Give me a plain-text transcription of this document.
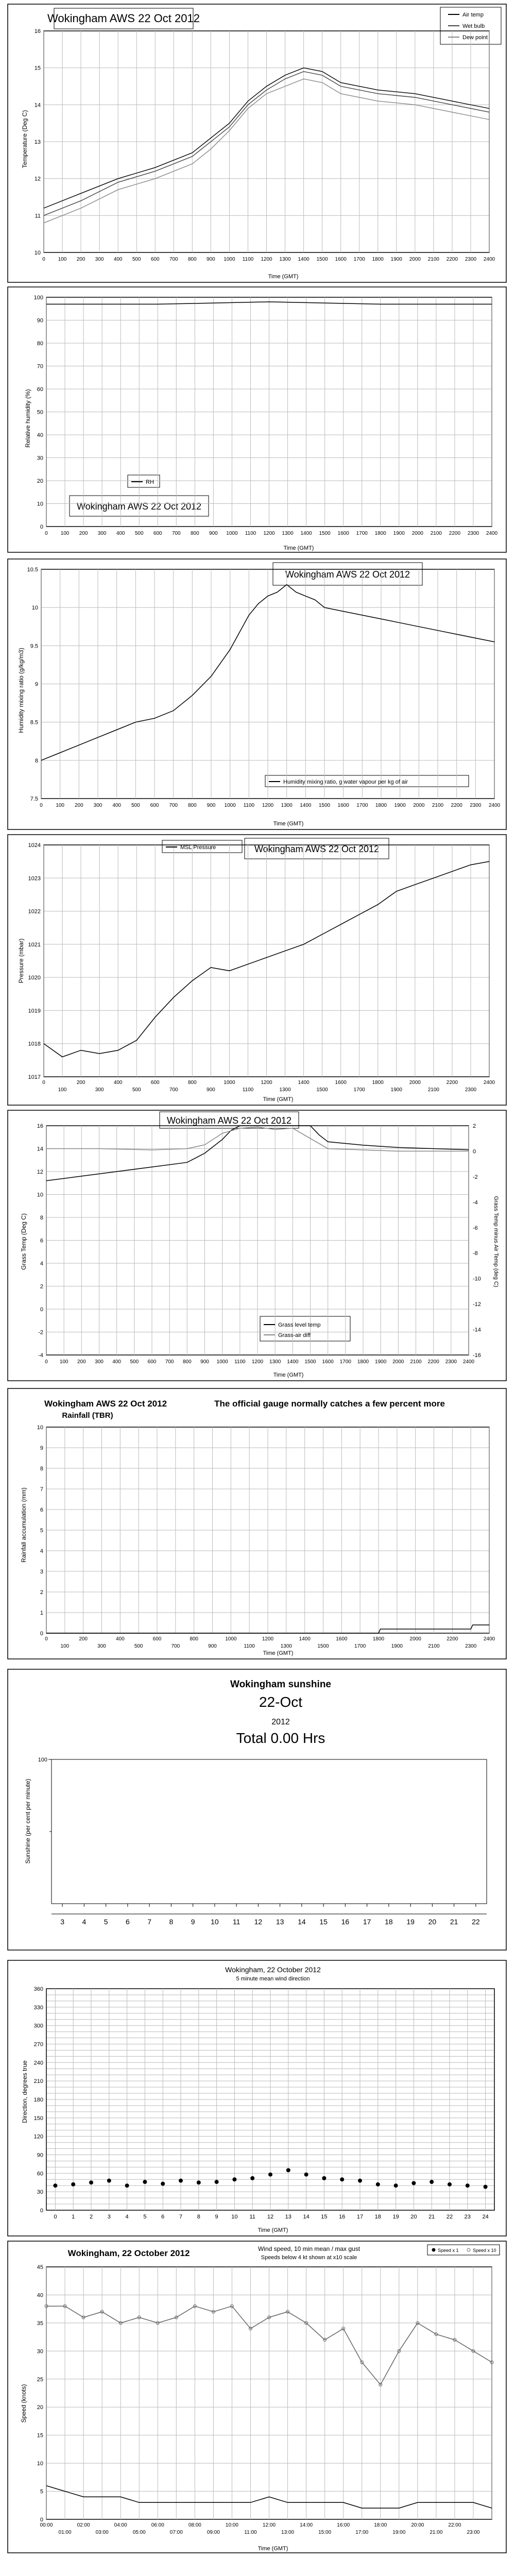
Wokingham AWS 22 Oct 2012
10
11
12
13
14
15
16
0 100 200 300 400 500 600 700 800 900 1000 1100 1200 1300 1400 1500 1600 1700 1800 1900 2000 2100 2200 2300 2400
Time (GMT)
Temperature (Deg C)
Air temp
Wet bulb
Dew point
Wokingham AWS 22 Oct 2012
0
10
20
30
40
50
60
70
80
90
100
0 100 200 300 400 500 600 700 800 900 1000 1100 1200 1300 1400 1500 1600 1700 1800 1900 2000 2100 2200 2300 2400
Time (GMT)
Relative humidity (%)
RH
Wokingham AWS 22 Oct 2012
7.5
8
8.5
9
9.5
10
10.5
0	100 200 300 400 500 600 700 800 900 1000 1100 1200 1300 1400 1500 1600 1700 1800 1900 2000 2100 2200 2300 2400
Time (GMT)
Humidity mixing ratio (g/kg/m3)
Humidity mixing ratio, g water vapour per kg of air
Wokingham AWS 22 Oct 2012
1017
1018
1019
1020
1021
1022
1023
1024
0	200	400	600	800	1000	1200	1400	1600	1800	2000	2200	2400
100	300	500	700	900	1100	1300	1500	1700	1900	2100	2300
Time (GMT)
Pressure (mbar)
MSL Pressure
Wokingham AWS 22 Oct 2012
-4
-2
0
2
4
6
8
10
12
14
16
0 100 200 300 400 500 600 700 800 900 1000 1100 1200 1300 1400 1500 1600 1700 1800 1900 2000 2100 2200 2300 2400
-16
-14
-12
-10
-8
-6
-4
-2
0
2
Time (GMT)
Grass Temp (Deg C)	Grass Temp minus Air Temp (deg C)
Grass level temp
Grass-air diff
Wokingham AWS 22 Oct 2012
Rainfall (TBR)
The official gauge normally catches a few percent more
0
1
2
3
4
5
6
7
8
9
10
0	200	400	600	800	1000	1200	1400	1600	1800	2000	2200	2400
100	300	500	700	900	1100	1300	1500	1700	1900	2100	2300
Time (GMT)
Rainfall accumulation (mm)
Wokingham sunshine
22-Oct
2012
Total 0.00 Hrs
100
3 4 5 6 7 8 9 10 11 12 13 14 15 16 17 18 19 20 21 22
Sunshine (per cent per minute)
Wokingham, 22 October 2012
5 minute mean wind direction
0
30
60
90
120
150
180
210
240
270
300
330
360
0	1	2	3	4	5	6	7	8	9 10 11 12 13 14 15 16 17 18 19 20 21 22 23 24
Time (GMT)
Direction, degrees true
Wokingham, 22 October 2012	Wind speed, 10 min mean / max gust
Speeds below 4 kt shown at x10 scale
0
5
10
15
20
25
30
35
40
45
00:00	02:00	04:00	06:00	08:00	10:00	12:00	14:00	16:00	18:00	20:00	22:00
01:00	03:00	05:00	07:00	09:00	11:00	13:00	15:00	17:00	19:00	21:00	23:00
Time (GMT)
Speed (knots)
Speed x 1	Speed x 10
